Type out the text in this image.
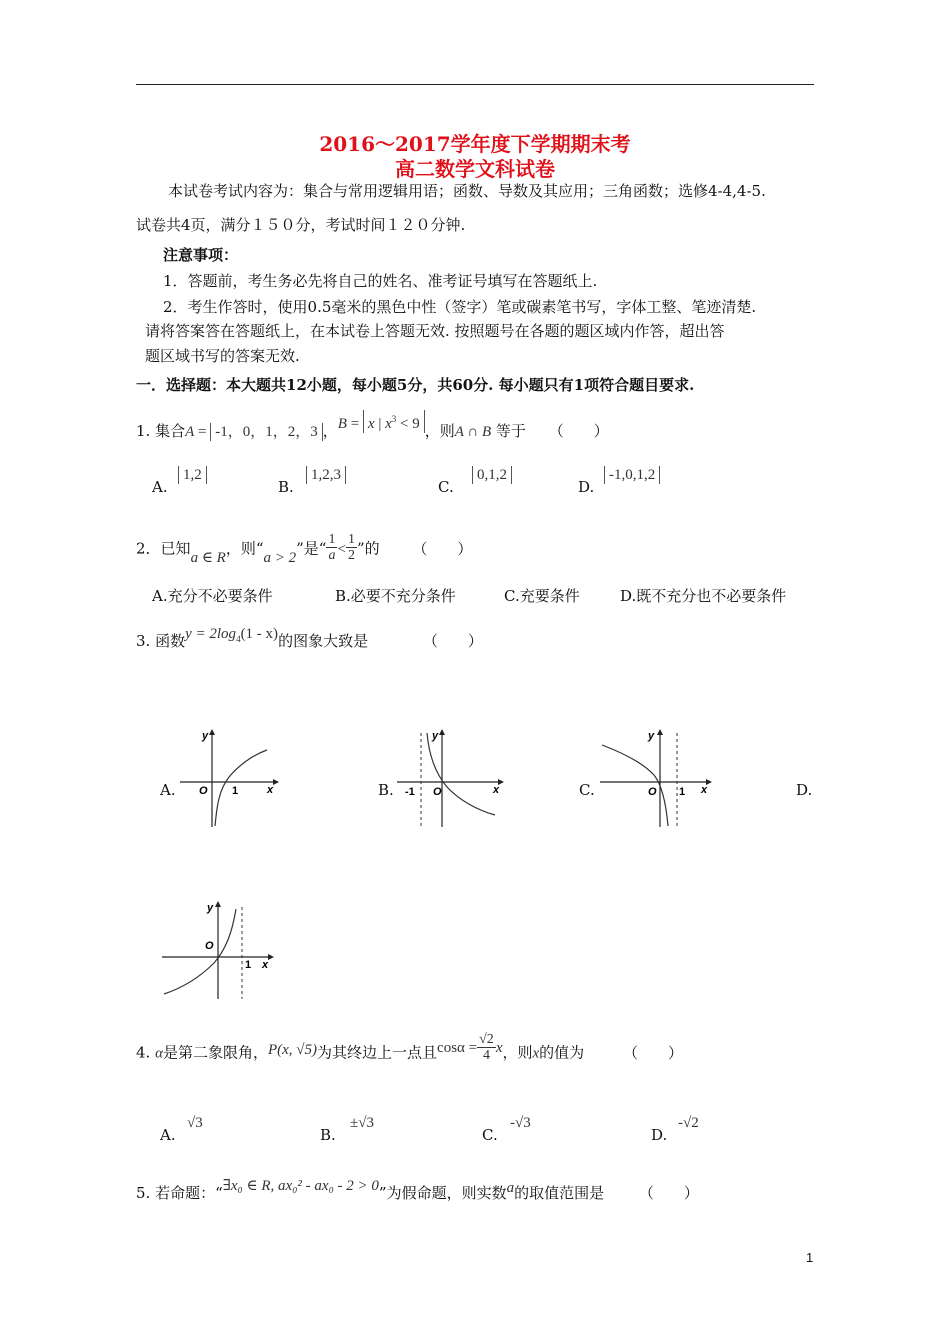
2016～2017学年度下学期期末考
高二数学文科试卷
本试卷考试内容为：集合与常用逻辑用语；函数、导数及其应用；三角函数；选修4-4,4-5.
试卷共4页，满分１５０分，考试时间１２０分钟.
注意事项：
1．答题前，考生务必先将自己的姓名、准考证号填写在答题纸上.
2．考生作答时，使用0.5毫米的黑色中性（签字）笔或碳素笔书写，字体工整、笔迹清楚.
请将答案答在答题纸上，在本试卷上答题无效. 按照题号在各题的题区域内作答，超出答
题区域书写的答案无效.
一．选择题：本大题共12小题，每小题5分，共60分. 每小题只有1项符合题目要求.
1. 集合A = -1，0，1，2，3 ，B = x | $x^3 < 9$ ，则A ∩ B 等于 （　　）
A.
1,2
B.
1,2,3
C.
0,1,2
D.
-1,0,1,2
2．已知a ∈ R，则“a > 2”是“ $\frac{1}{a} < \frac{1}{2}$ ”的 （　　）
A.充分不必要条件	B.必要不充分条件	C.充要条件	D.既不充分也不必要条件
3. 函数$y = 2\log_4(1 - x)$的图象大致是	（　　）
A.	B.	C.	D.
y
x
O 1
y
x
O
-1
y
x
O 1
y
x
O
1
4. α是第二象限角，P(x, √5)为其终边上一点且$\cos\alpha = \frac{√2}{4}$ x，则x的值为	（　　）
A.
√3
B.
±√3
C.
-√3
D.
-√2
5. 若命题：“∃x₀ ∈ R, ax₀² - ax₀ - 2 > 0”为假命题，则实数a的取值范围是 （　　）
1
